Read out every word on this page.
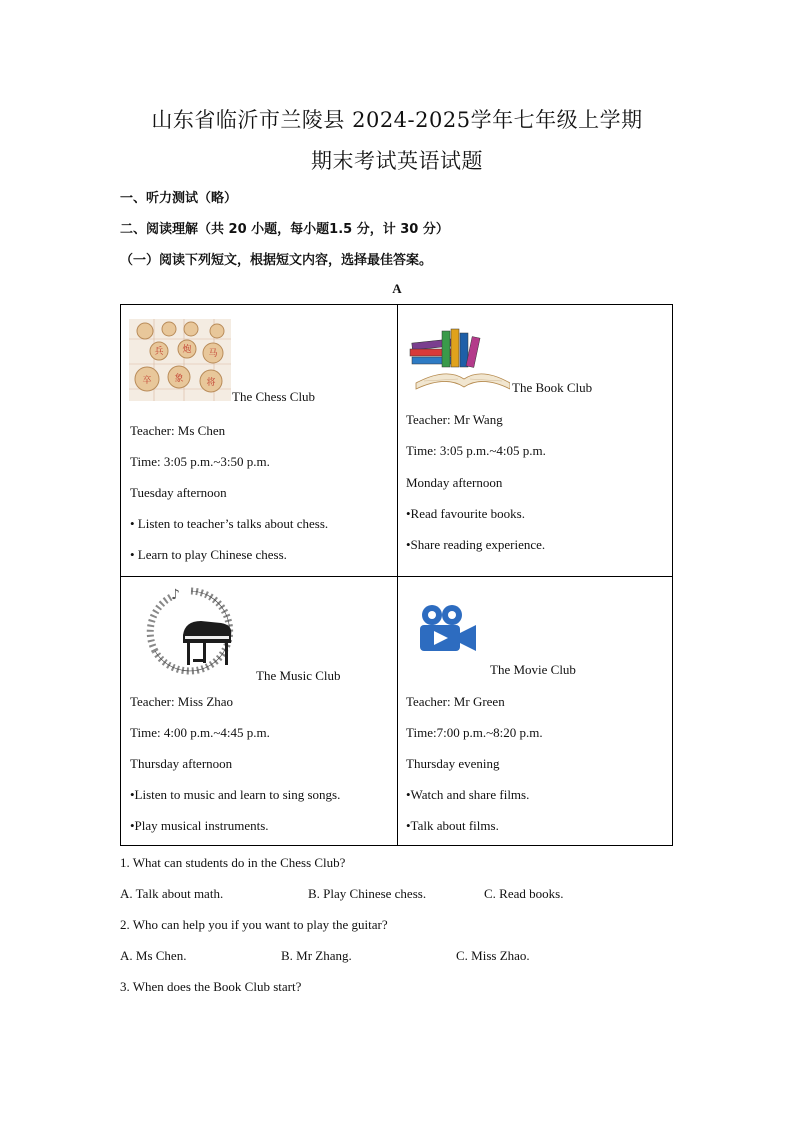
山东省临沂市兰陵县 2024-2025学年七年级上学期
期末考试英语试题
一、听力测试（略）
二、阅读理解（共 20 小题，每小题1.5 分，计 30 分）
（一）阅读下列短文，根据短文内容，选择最佳答案。
A
兵 炮 马
卒	象	将
The Chess Club
Teacher: Ms Chen
Time: 3:05 p.m.~3:50 p.m.
Tuesday afternoon
• Listen to teacher’s talks about chess.
• Learn to play Chinese chess.
The Book Club
Teacher: Mr Wang
Time: 3:05 p.m.~4:05 p.m.
Monday afternoon
•Read favourite books.
•Share reading experience.
♪
The Music Club
Teacher: Miss Zhao
Time: 4:00 p.m.~4:45 p.m.
Thursday afternoon
•Listen to music and learn to sing songs.
•Play musical instruments.
The Movie Club
Teacher: Mr Green
Time:7:00 p.m.~8:20 p.m.
Thursday evening
•Watch and share films.
•Talk about films.
1. What can students do in the Chess Club?
A. Talk about math.	B. Play Chinese chess.	C. Read books.
2. Who can help you if you want to play the guitar?
A. Ms Chen.	B. Mr Zhang.	C. Miss Zhao.
3. When does the Book Club start?
